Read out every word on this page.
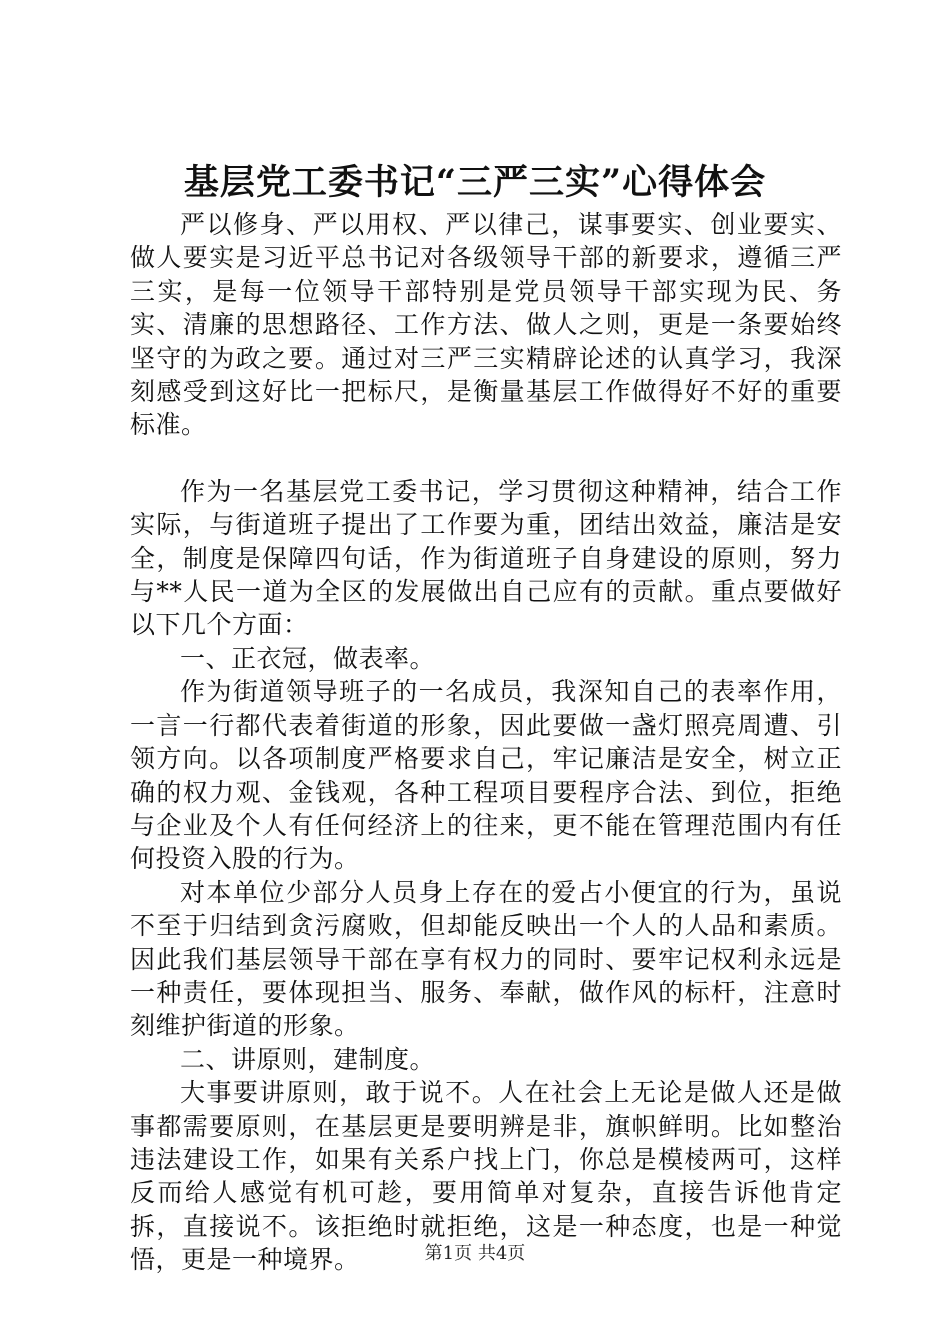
基层党工委书记“三严三实”心得体会

严以修身、严以用权、严以律己，谋事要实、创业要实、做人要实是习近平总书记对各级领导干部的新要求，遵循三严三实，是每一位领导干部特别是党员领导干部实现为民、务实、清廉的思想路径、工作方法、做人之则，更是一条要始终坚守的为政之要。通过对三严三实精辟论述的认真学习，我深刻感受到这好比一把标尺，是衡量基层工作做得好不好的重要标准。

作为一名基层党工委书记，学习贯彻这种精神，结合工作实际，与街道班子提出了工作要为重，团结出效益，廉洁是安全，制度是保障四句话，作为街道班子自身建设的原则，努力与**人民一道为全区的发展做出自己应有的贡献。重点要做好以下几个方面：

一、正衣冠，做表率。

作为街道领导班子的一名成员，我深知自己的表率作用，一言一行都代表着街道的形象，因此要做一盏灯照亮周遭、引领方向。以各项制度严格要求自己，牢记廉洁是安全，树立正确的权力观、金钱观，各种工程项目要程序合法、到位，拒绝与企业及个人有任何经济上的往来，更不能在管理范围内有任何投资入股的行为。

对本单位少部分人员身上存在的爱占小便宜的行为，虽说不至于归结到贪污腐败，但却能反映出一个人的人品和素质。因此我们基层领导干部在享有权力的同时、要牢记权利永远是一种责任，要体现担当、服务、奉献，做作风的标杆，注意时刻维护街道的形象。

二、讲原则，建制度。

大事要讲原则，敢于说不。人在社会上无论是做人还是做事都需要原则，在基层更是要明辨是非，旗帜鲜明。比如整治违法建设工作，如果有关系户找上门，你总是模棱两可，这样反而给人感觉有机可趁，要用简单对复杂，直接告诉他肯定拆，直接说不。该拒绝时就拒绝，这是一种态度，也是一种觉悟，更是一种境界。	第1页 共4页
